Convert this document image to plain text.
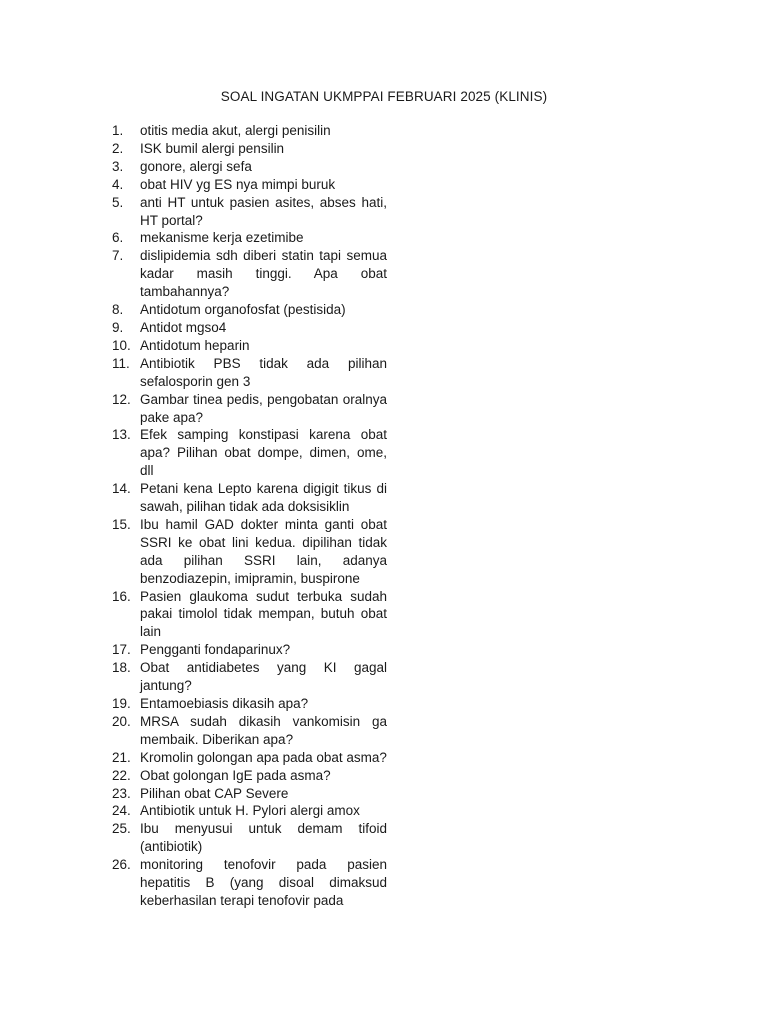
SOAL INGATAN UKMPPAI FEBRUARI 2025 (KLINIS)
1.	otitis media akut, alergi penisilin
2.	ISK bumil alergi pensilin
3.	gonore, alergi sefa
4.	obat HIV yg ES nya mimpi buruk
5.	anti HT untuk pasien asites, abses hati, HT portal?
6.	mekanisme kerja ezetimibe
7.	dislipidemia sdh diberi statin tapi semua kadar masih tinggi. Apa obat tambahannya?
8.	Antidotum organofosfat (pestisida)
9.	Antidot mgso4
10. Antidotum heparin
11. Antibiotik PBS tidak ada pilihan sefalosporin gen 3
12. Gambar tinea pedis, pengobatan oralnya pake apa?
13. Efek samping konstipasi karena obat apa? Pilihan obat dompe, dimen, ome, dll
14. Petani kena Lepto karena digigit tikus di sawah, pilihan tidak ada doksisiklin
15. Ibu hamil GAD dokter minta ganti obat SSRI ke obat lini kedua. dipilihan tidak ada pilihan SSRI lain, adanya benzodiazepin, imipramin, buspirone
16. Pasien glaukoma sudut terbuka sudah pakai timolol tidak mempan, butuh obat lain
17. Pengganti fondaparinux?
18. Obat antidiabetes yang KI gagal jantung?
19. Entamoebiasis dikasih apa?
20. MRSA sudah dikasih vankomisin ga membaik. Diberikan apa?
21. Kromolin golongan apa pada obat asma?
22. Obat golongan IgE pada asma?
23. Pilihan obat CAP Severe
24. Antibiotik untuk H. Pylori alergi amox
25. Ibu menyusui untuk demam tifoid (antibiotik)
26. monitoring tenofovir pada pasien hepatitis B (yang disoal dimaksud keberhasilan terapi tenofovir pada
